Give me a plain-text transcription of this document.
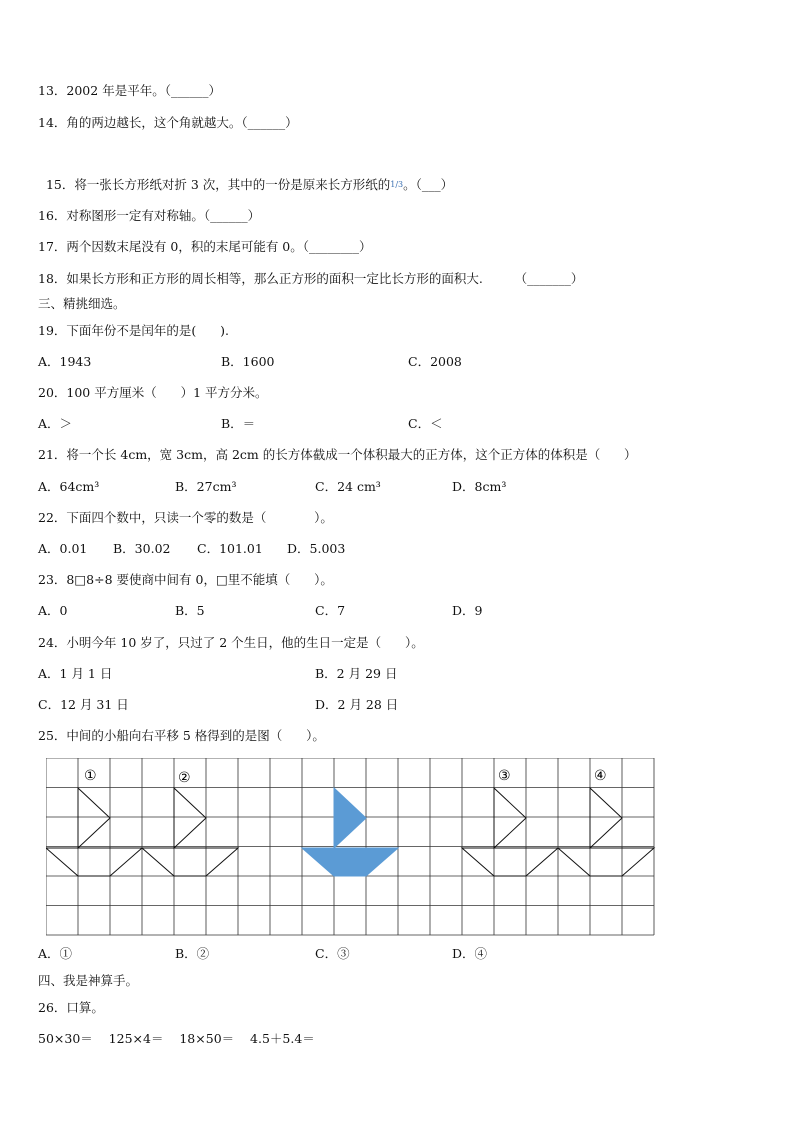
13．2002 年是平年。（______）
14．角的两边越长，这个角就越大。（______）

15．将一张长方形纸对折 3 次，其中的一份是原来长方形纸的1/3。（___）

16．对称图形一定有对称轴。（______）
17．两个因数末尾没有 0，积的末尾可能有 0。（________）
18．如果长方形和正方形的周长相等，那么正方形的面积一定比长方形的面积大.        （_______）
三、精挑细选。
19．下面年份不是闰年的是(      ).
A．1943	B．1600	C．2008
20．100 平方厘米（      ）1 平方分米。
A．＞	B．＝	C．＜
21．将一个长 4cm，宽 3cm，高 2cm 的长方体截成一个体积最大的正方体，这个正方体的体积是（      ）
A．64cm³	B．27cm³	C．24 cm³	D．8cm³
22．下面四个数中，只读一个零的数是（            ）。
A．0.01 B．30.02 C．101.01 D．5.003
23．8□8÷8 要使商中间有 0，□里不能填（      ）。
A．0	B．5	C．7	D．9
24．小明今年 10 岁了，只过了 2 个生日，他的生日一定是（      ）。
A．1 月 1 日	B．2 月 29 日
C．12 月 31 日	D．2 月 28 日
25．中间的小船向右平移 5 格得到的是图（      ）。
①	②	③	④
A．①	B．②	C．③	D．④
四、我是神算手。
26．口算。
50×30＝    125×4＝    18×50＝    4.5＋5.4＝
